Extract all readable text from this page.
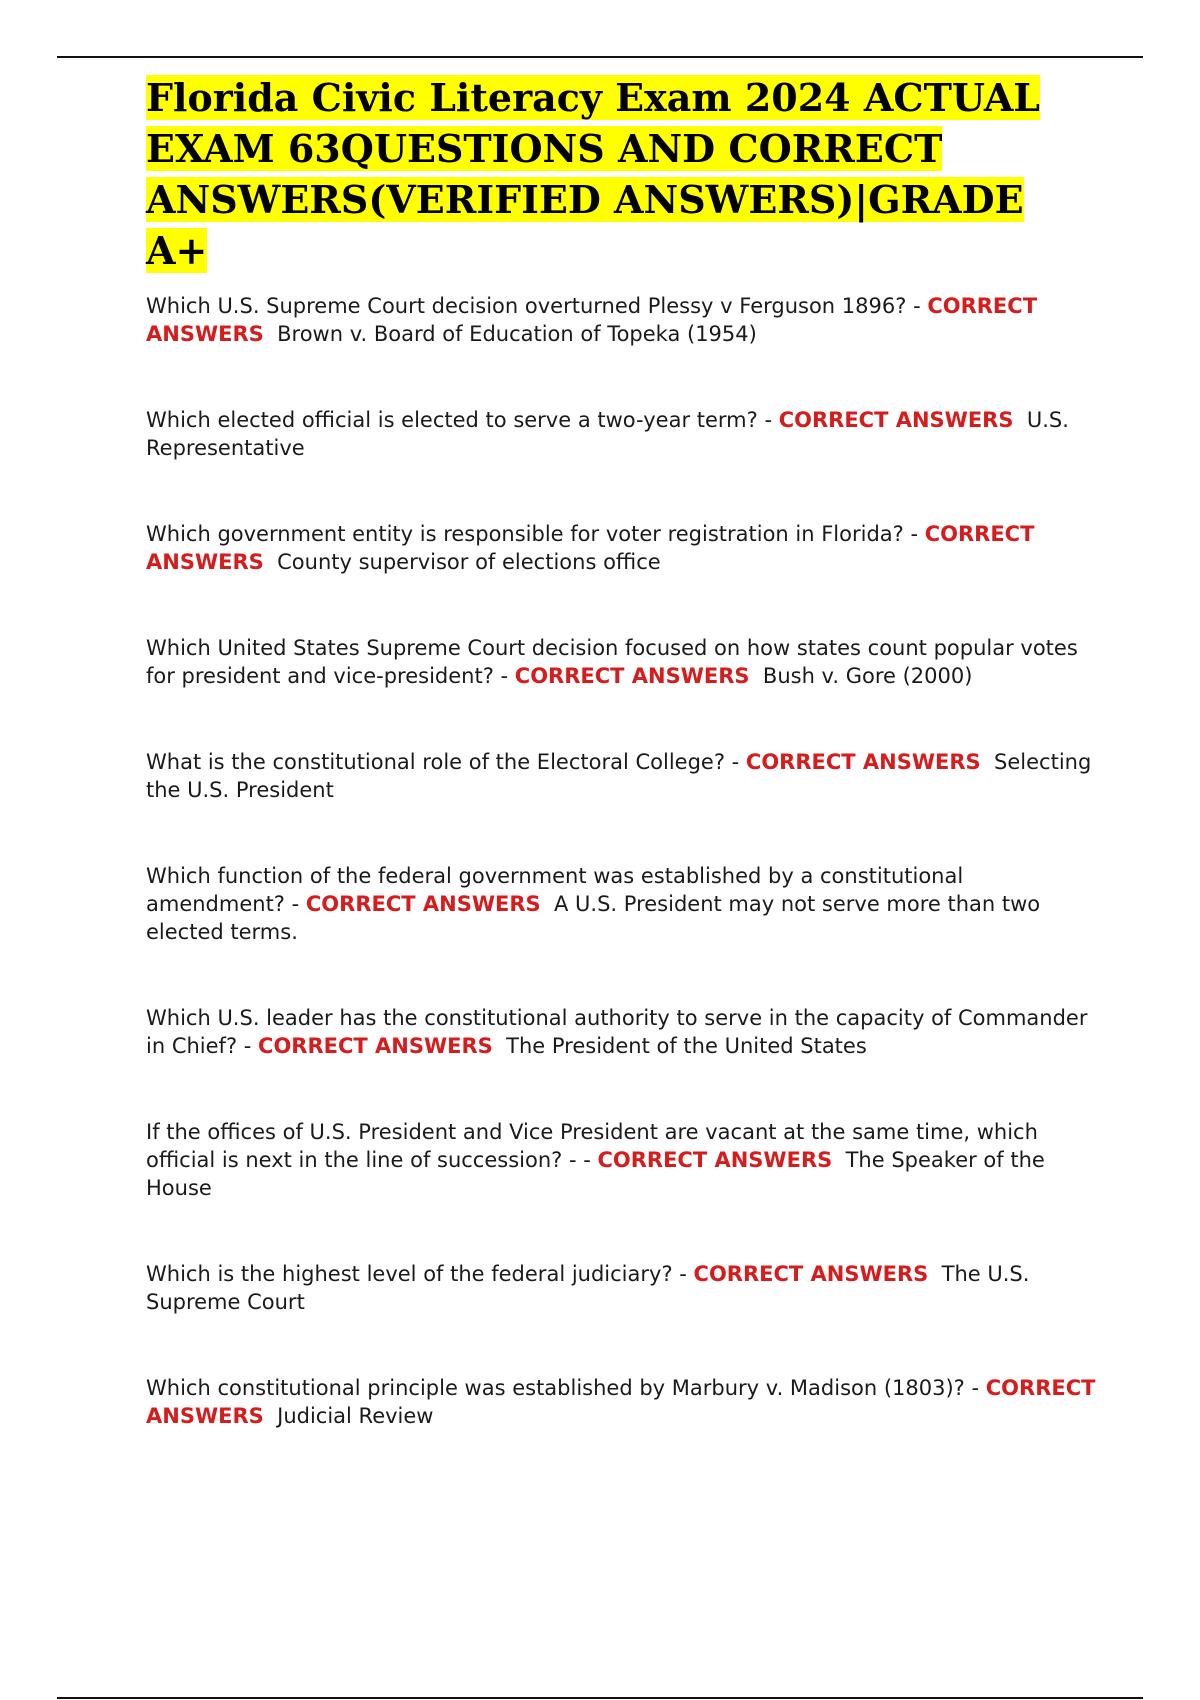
Florida Civic Literacy Exam 2024 ACTUAL EXAM 63QUESTIONS AND CORRECT ANSWERS(VERIFIED ANSWERS)|GRADE A+

Which U.S. Supreme Court decision overturned Plessy v Ferguson 1896? - CORRECT ANSWERS Brown v. Board of Education of Topeka (1954)

Which elected official is elected to serve a two-year term? - CORRECT ANSWERS U.S. Representative

Which government entity is responsible for voter registration in Florida? - CORRECT ANSWERS County supervisor of elections office

Which United States Supreme Court decision focused on how states count popular votes for president and vice-president? - CORRECT ANSWERS Bush v. Gore (2000)

What is the constitutional role of the Electoral College? - CORRECT ANSWERS Selecting the U.S. President

Which function of the federal government was established by a constitutional amendment? - CORRECT ANSWERS A U.S. President may not serve more than two elected terms.

Which U.S. leader has the constitutional authority to serve in the capacity of Commander in Chief? - CORRECT ANSWERS The President of the United States

If the offices of U.S. President and Vice President are vacant at the same time, which official is next in the line of succession? - - CORRECT ANSWERS The Speaker of the House

Which is the highest level of the federal judiciary? - CORRECT ANSWERS The U.S. Supreme Court

Which constitutional principle was established by Marbury v. Madison (1803)? - CORRECT ANSWERS Judicial Review
